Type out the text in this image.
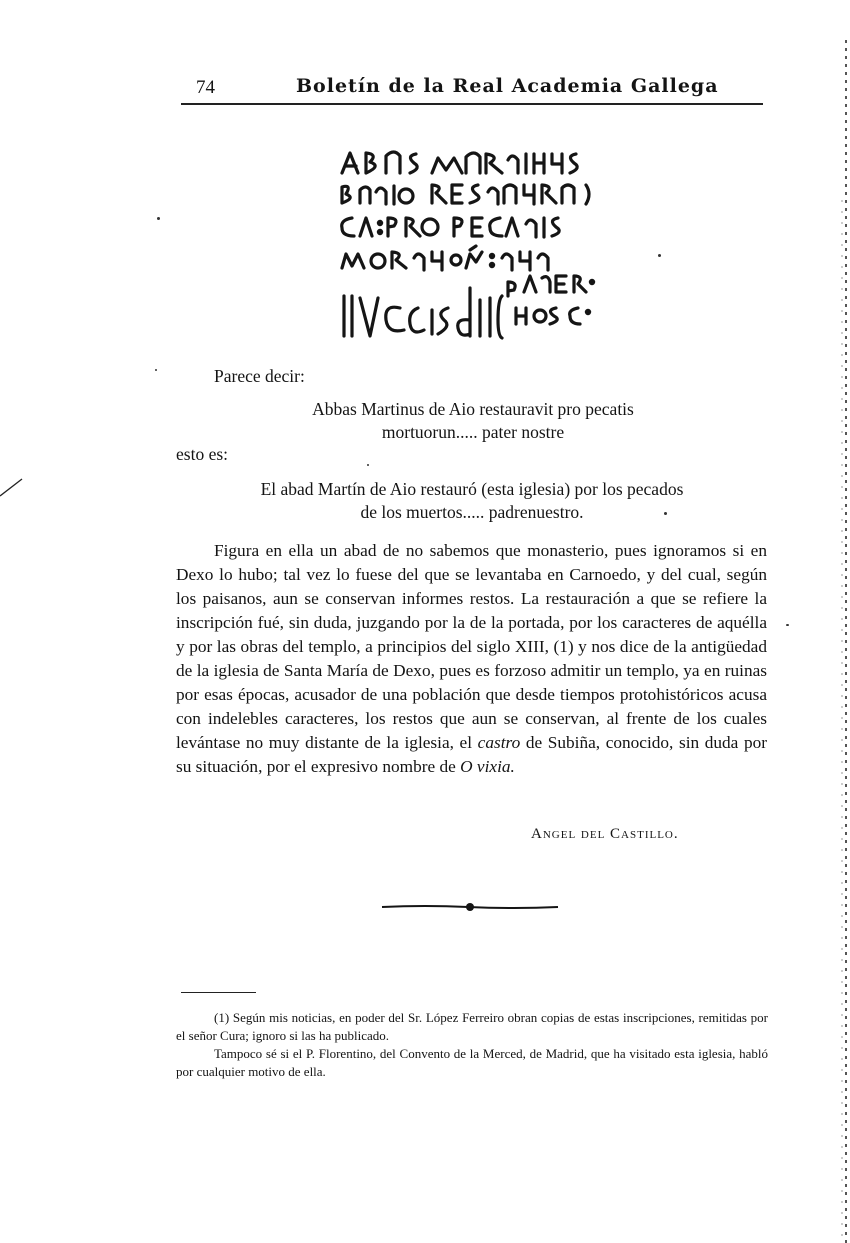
74	Boletín de la Real Academia Gallega
Parece decir:
Abbas Martinus de Aio restauravit pro pecatis
mortuorun..... pater nostre
esto es:
El abad Martín de Aio restauró (esta iglesia) por los pecados
de los muertos..... padrenuestro.

Figura en ella un abad de no sabemos que monasterio, pues ignoramos si en Dexo lo hubo; tal vez lo fuese del que se levantaba en Carnoedo, y del cual, según los paisanos, aun se conservan informes restos. La restauración a que se refiere la inscripción fué, sin duda, juzgando por la de la portada, por los caracteres de aquélla y por las obras del templo, a principios del siglo XIII, (1) y nos dice de la antigüedad de la iglesia de Santa María de Dexo, pues es forzoso admitir un templo, ya en ruinas por esas épocas, acusador de una población que desde tiempos protohistóricos acusa con indelebles caracteres, los restos que aun se conservan, al frente de los cuales levántase no muy distante de la iglesia, el castro de Subiña, conocido, sin duda por su situación, por el expresivo nombre de O vixia.

Angel del Castillo.

(1) Según mis noticias, en poder del Sr. López Ferreiro obran copias de estas inscripciones, remitidas por el señor Cura; ignoro si las ha publicado.

Tampoco sé si el P. Florentino, del Convento de la Merced, de Madrid, que ha visitado esta iglesia, habló por cualquier motivo de ella.
